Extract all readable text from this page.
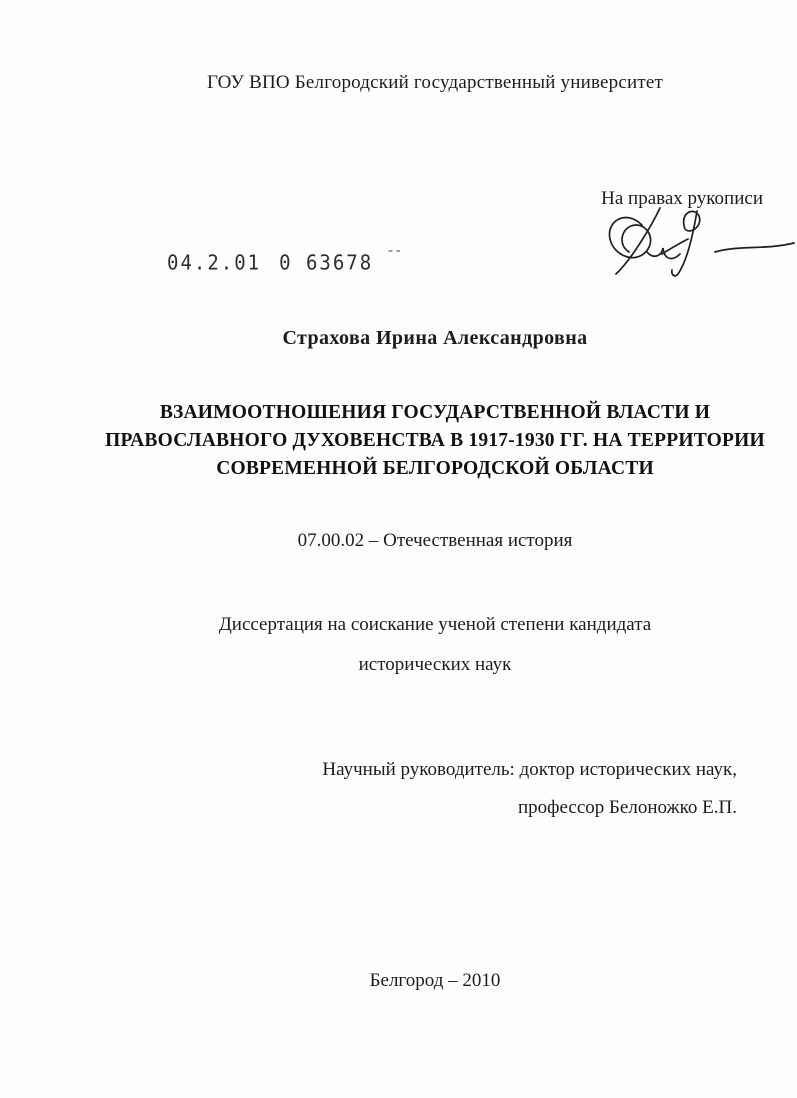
ГОУ ВПО Белгородский государственный университет
На правах рукописи
04.2.01 0 63678 ¯¯
Страхова Ирина Александровна
ВЗАИМООТНОШЕНИЯ ГОСУДАРСТВЕННОЙ ВЛАСТИ И
ПРАВОСЛАВНОГО ДУХОВЕНСТВА В 1917-1930 ГГ. НА ТЕРРИТОРИИ
СОВРЕМЕННОЙ БЕЛГОРОДСКОЙ ОБЛАСТИ
07.00.02 – Отечественная история
Диссертация на соискание ученой степени кандидата
исторических наук
Научный руководитель: доктор исторических наук,
профессор Белоножко Е.П.
Белгород – 2010
